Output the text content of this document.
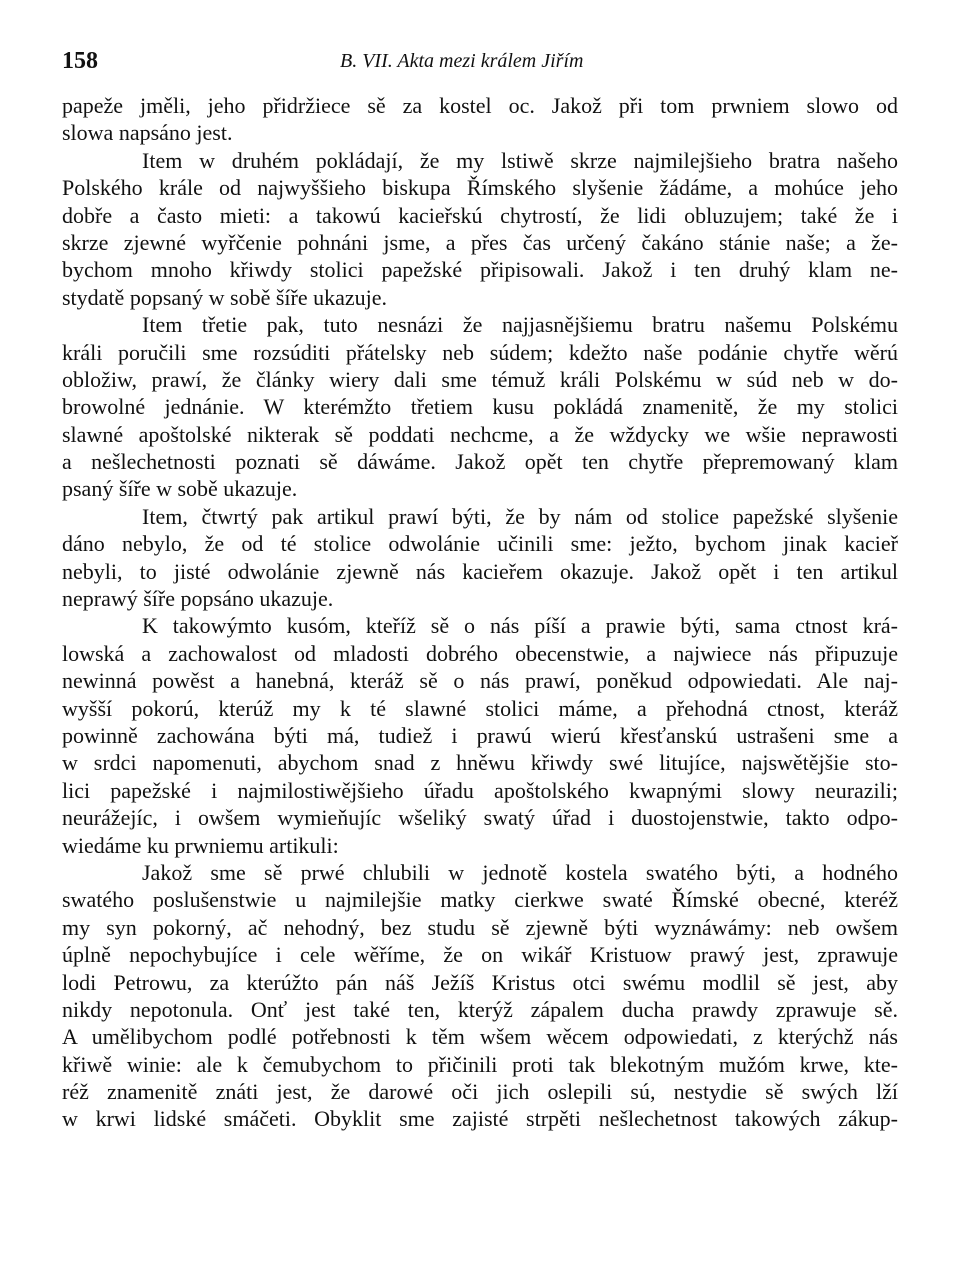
158	B. VII. Akta mezi králem Jiřím
papeže jměli, jeho přidržiece sě za kostel oc. Jakož při tom prwniem slowo od
slowa napsáno jest.
Item w druhém pokládají, že my lstiwě skrze najmilejšieho bratra našeho
Polského krále od najwyššieho biskupa Římského slyšenie žádáme, a mohúce jeho
dobře a často mieti: a takowú kacieřskú chytrostí, že lidi obluzujem; také že i
skrze zjewné wyřčenie pohnáni jsme, a přes čas určený čakáno stánie naše; a že-
bychom mnoho křiwdy stolici papežské připisowali. Jakož i ten druhý klam ne-
stydatě popsaný w sobě šíře ukazuje.
Item třetie pak, tuto nesnázi že najjasnějšiemu bratru našemu Polskému
králi poručili sme rozsúditi přátelsky neb súdem; kdežto naše podánie chytře wěrú
obložiw, prawí, že články wiery dali sme témuž králi Polskému w súd neb w do-
browolné jednánie. W kterémžto třetiem kusu pokládá znamenitě, že my stolici
slawné apoštolské nikterak sě poddati nechcme, a že wždycky we wšie neprawosti
a nešlechetnosti poznati sě dáwáme. Jakož opět ten chytře přepremowaný klam
psaný šíře w sobě ukazuje.
Item, čtwrtý pak artikul prawí býti, že by nám od stolice papežské slyšenie
dáno nebylo, že od té stolice odwolánie učinili sme: ježto, bychom jinak kacieř
nebyli, to jisté odwolánie zjewně nás kacieřem okazuje. Jakož opět i ten artikul
neprawý šíře popsáno ukazuje.
K takowýmto kusóm, kteříž sě o nás píší a prawie býti, sama ctnost krá-
lowská a zachowalost od mladosti dobrého obecenstwie, a najwiece nás připuzuje
newinná powěst a hanebná, kteráž sě o nás prawí, poněkud odpowiedati. Ale naj-
wyšší pokorú, kterúž my k té slawné stolici máme, a přehodná ctnost, kteráž
powinně zachowána býti má, tudiež i prawú wierú křesťanskú ustrašeni sme a
w srdci napomenuti, abychom snad z hněwu křiwdy swé litujíce, najswětějšie sto-
lici papežské i najmilostiwějšieho úřadu apoštolského kwapnými slowy neurazili;
neurážejíc, i owšem wymieňujíc wšeliký swatý úřad i duostojenstwie, takto odpo-
wiedáme ku prwniemu artikuli:
Jakož sme sě prwé chlubili w jednotě kostela swatého býti, a hodného
swatého poslušenstwie u najmilejšie matky cierkwe swaté Římské obecné, kteréž
my syn pokorný, ač nehodný, bez studu sě zjewně býti wyznáwámy: neb owšem
úplně nepochybujíce i cele wěříme, že on wikář Kristuow prawý jest, zprawuje
lodi Petrowu, za kterúžto pán náš Ježíš Kristus otci swému modlil sě jest, aby
nikdy nepotonula. Onť jest také ten, kterýž zápalem ducha prawdy zprawuje sě.
A umělibychom podlé potřebnosti k těm wšem wěcem odpowiedati, z kterýchž nás
křiwě winie: ale k čemubychom to přičinili proti tak blekotným mužóm krwe, kte-
réž znamenitě znáti jest, že darowé oči jich oslepili sú, nestydie sě swých lží
w krwi lidské smáčeti. Obyklit sme zajisté strpěti nešlechetnost takowých zákup-
